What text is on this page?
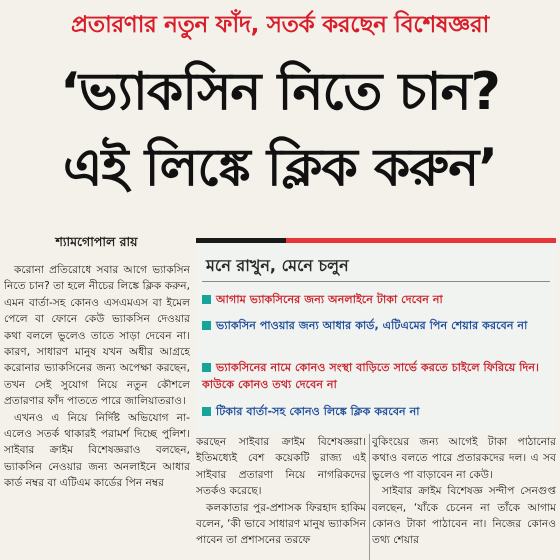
প্রতারণার নতুন ফাঁদ, সতর্ক করছেন বিশেষজ্ঞরা
‘ভ্যাকসিন নিতে চান?
এই লিঙ্কে ক্লিক করুন’
শ্যামগোপাল রায়

করোনা প্রতিরোধে সবার আগে ভ্যাকসিন নিতে চান? তা হলে নীচের লিঙ্কে ক্লিক করুন, এমন বার্তা-সহ কোনও এসএমএস বা ইমেল পেলে বা ফোনে কেউ ভ্যাকসিন দেওয়ার কথা বললে ভুলেও তাতে সাড়া দেবেন না। কারণ, সাধারণ মানুষ যখন অধীর আগ্রহে করোনার ভ্যাকসিনের জন্য অপেক্ষা করছেন, তখন সেই সুযোগ নিয়ে নতুন কৌশলে প্রতারণার ফাঁদ পাততে পারে জালিয়াতরাও।

এখনও এ নিয়ে নির্দিষ্ট অভিযোগ না-এলেও সতর্ক থাকারই পরামর্শ দিচ্ছে পুলিশ। সাইবার ক্রাইম বিশেষজ্ঞরাও বলছেন, ভ্যাকসিন নেওয়ার জন্য অনলাইনে আধার কার্ড নম্বর বা এটিএম কার্ডের পিন নম্বর

মনে রাখুন, মেনে চলুন
আগাম ভ্যাকসিনের জন্য অনলাইনে টাকা দেবেন না
ভ্যাকসিন পাওয়ার জন্য আধার কার্ড, এটিএমের পিন শেয়ার করবেন না
ভ্যাকসিনের নামে কোনও সংস্থা বাড়িতে সার্ভে করতে চাইলে ফিরিয়ে দিন। কাউকে কোনও তথ্য দেবেন না
টিকার বার্তা-সহ কোনও লিঙ্কে ক্লিক করবেন না

করছেন সাইবার ক্রাইম বিশেষজ্ঞরা। ইতিমধ্যেই বেশ কয়েকটি রাজ্য এই সাইবার প্রতারণা নিয়ে নাগরিকদের সতর্কও করেছে।

কলকাতার পুর-প্রশাসক ফিরহাদ হাকিম বলেন, ‘কী ভাবে সাধারণ মানুষ ভ্যাকসিন পাবেন তা প্রশাসনের তরফে

বুকিংয়ের জন্য আগেই টাকা পাঠানোর কথাও বলতে পারে প্রতারকদের দল। এ সব ভুলেও পা বাড়াবেন না কেউ।

সাইবার ক্রাইম বিশেষজ্ঞ সন্দীপ সেনগুপ্ত বলছেন, ‘যাঁকে চেনেন না তাঁকে আগাম কোনও টাকা পাঠাবেন না। নিজের কোনও তথ্য শেয়ার
